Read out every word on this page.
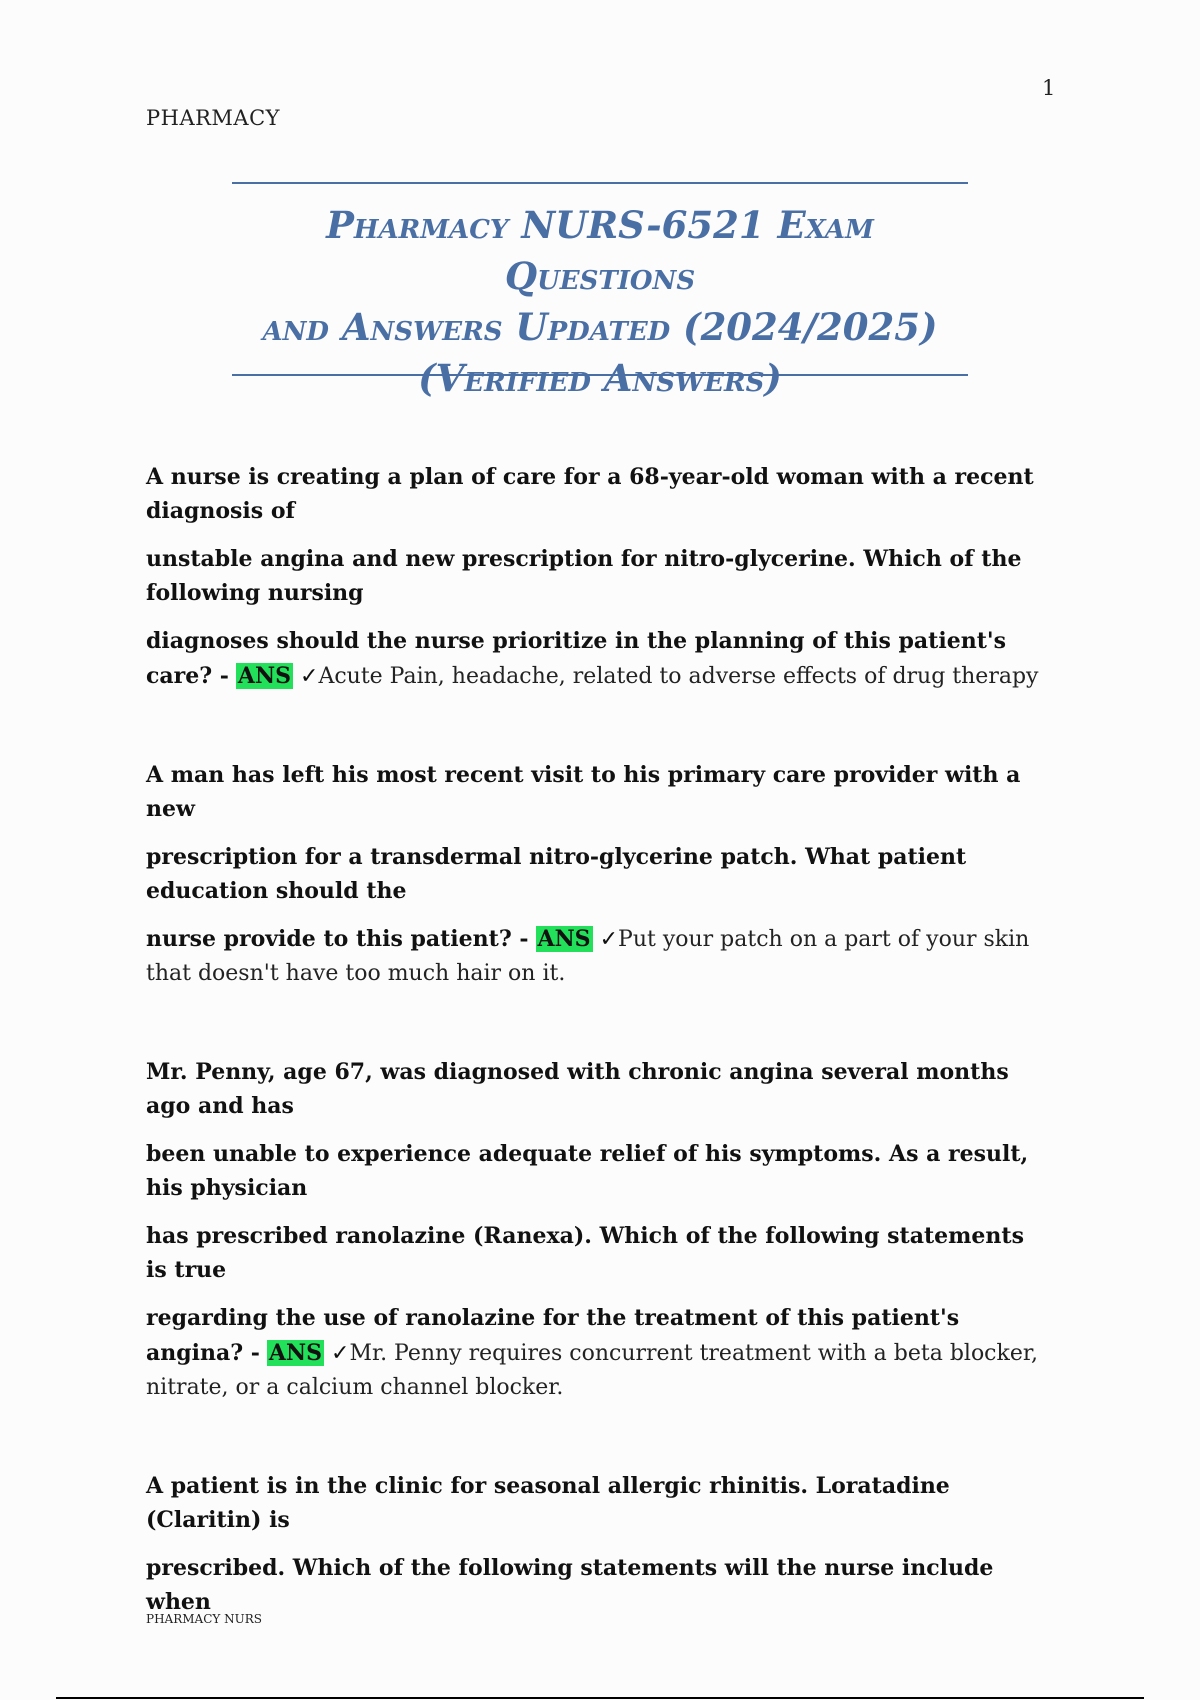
1
PHARMACY
Pharmacy NURS-6521 Exam Questions
and Answers Updated (2024/2025)
(Verified Answers)

A nurse is creating a plan of care for a 68-year-old woman with a recent diagnosis of

unstable angina and new prescription for nitro-glycerine. Which of the following nursing

diagnoses should the nurse prioritize in the planning of this patient's care? - ANS ✓Acute Pain, headache, related to adverse effects of drug therapy

A man has left his most recent visit to his primary care provider with a new

prescription for a transdermal nitro-glycerine patch. What patient education should the

nurse provide to this patient? - ANS ✓Put your patch on a part of your skin that doesn't have too much hair on it.

Mr. Penny, age 67, was diagnosed with chronic angina several months ago and has

been unable to experience adequate relief of his symptoms. As a result, his physician

has prescribed ranolazine (Ranexa). Which of the following statements is true

regarding the use of ranolazine for the treatment of this patient's angina? - ANS ✓Mr. Penny requires concurrent treatment with a beta blocker, nitrate, or a calcium channel blocker.

A patient is in the clinic for seasonal allergic rhinitis. Loratadine (Claritin) is

prescribed. Which of the following statements will the nurse include when

PHARMACY NURS
